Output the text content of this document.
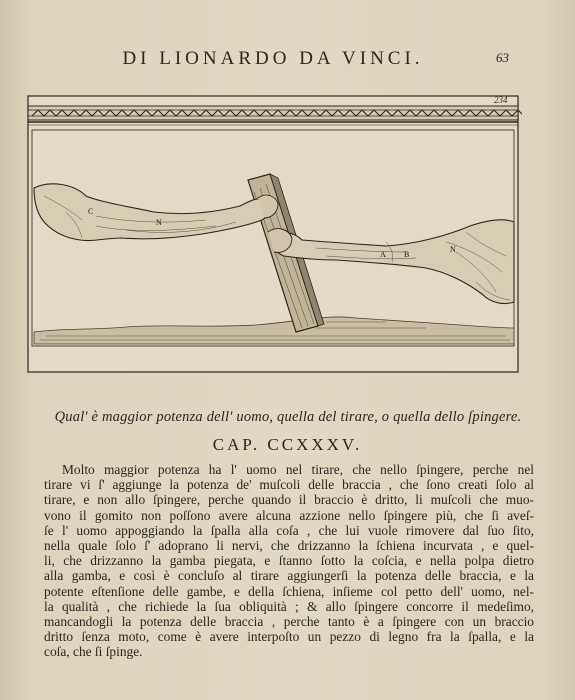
DI LIONARDO DA VINCI.	63
234
C
N
A B
N
Qual' è maggior potenza dell' uomo, quella del tirare, o quella dello ſpingere.
CAP. CCXXXV.

Molto maggior potenza ha l' uomo nel tirare, che nello ſpingere, perche nel
tirare vi ſ' aggiunge la potenza de' muſcoli delle braccia , che ſono creati ſolo al
tirare, e non allo ſpingere, perche quando il braccio è dritto, li muſcoli che muo-
vono il gomito non poſſono avere alcuna azzione nello ſpingere più, che ſi avеſ-
ſe l' uomo appoggiando la ſpalla alla coſa , che lui vuole rimovere dal ſuo ſito,
nella quale ſolo ſ' adoprano li nervi, che drizzanno la ſchiena incurvata , e quel-
li, che drizzanno la gamba piegata, e ſtanno ſotto la coſcia, e nella polpa dietro
alla gamba, e così è concluſo al tirare aggiungerſi la potenza delle braccia, e la
potente eſtenſione delle gambe, e della ſchiena, inſieme col petto dell' uomo, nel-
la qualità , che richiede la ſua obliquità ; & allo ſpingere concorre il medeſimo,
mancandogli la potenza delle braccia , perche tanto è a ſpingere con un braccio
dritto ſenza moto, come è avere interpoſto un pezzo di legno fra la ſpalla, e la
coſa, che ſi ſpinge.
